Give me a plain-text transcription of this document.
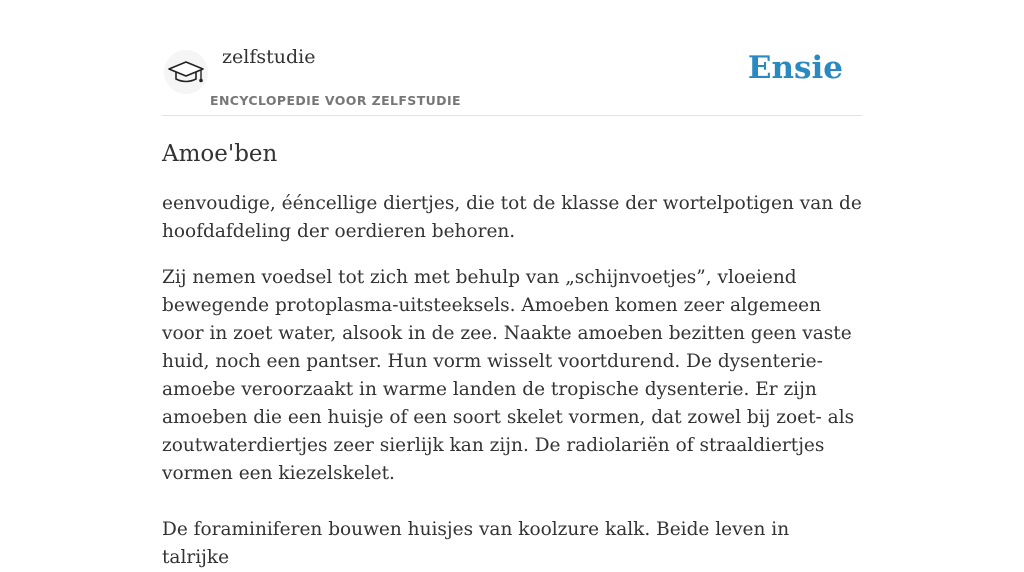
zelfstudie
ENCYCLOPEDIE VOOR ZELFSTUDIE
Ensie
Amoe'ben

eenvoudige, ééncellige diertjes, die tot de klasse der wortelpotigen van de hoofdafdeling der oerdieren behoren.

Zij nemen voedsel tot zich met behulp van „schijnvoetjes”, vloeiend bewegende protoplasma-uitsteeksels. Amoeben komen zeer algemeen voor in zoet water, alsook in de zee. Naakte amoeben bezitten geen vaste huid, noch een pantser. Hun vorm wisselt voortdurend. De dysenterie-amoebe veroorzaakt in warme landen de tropische dysenterie. Er zijn amoeben die een huisje of een soort skelet vormen, dat zowel bij zoet- als zoutwaterdiertjes zeer sierlijk kan zijn. De radiolariën of straaldiertjes vormen een kiezelskelet.

De foraminiferen bouwen huisjes van koolzure kalk. Beide leven in talrijke
